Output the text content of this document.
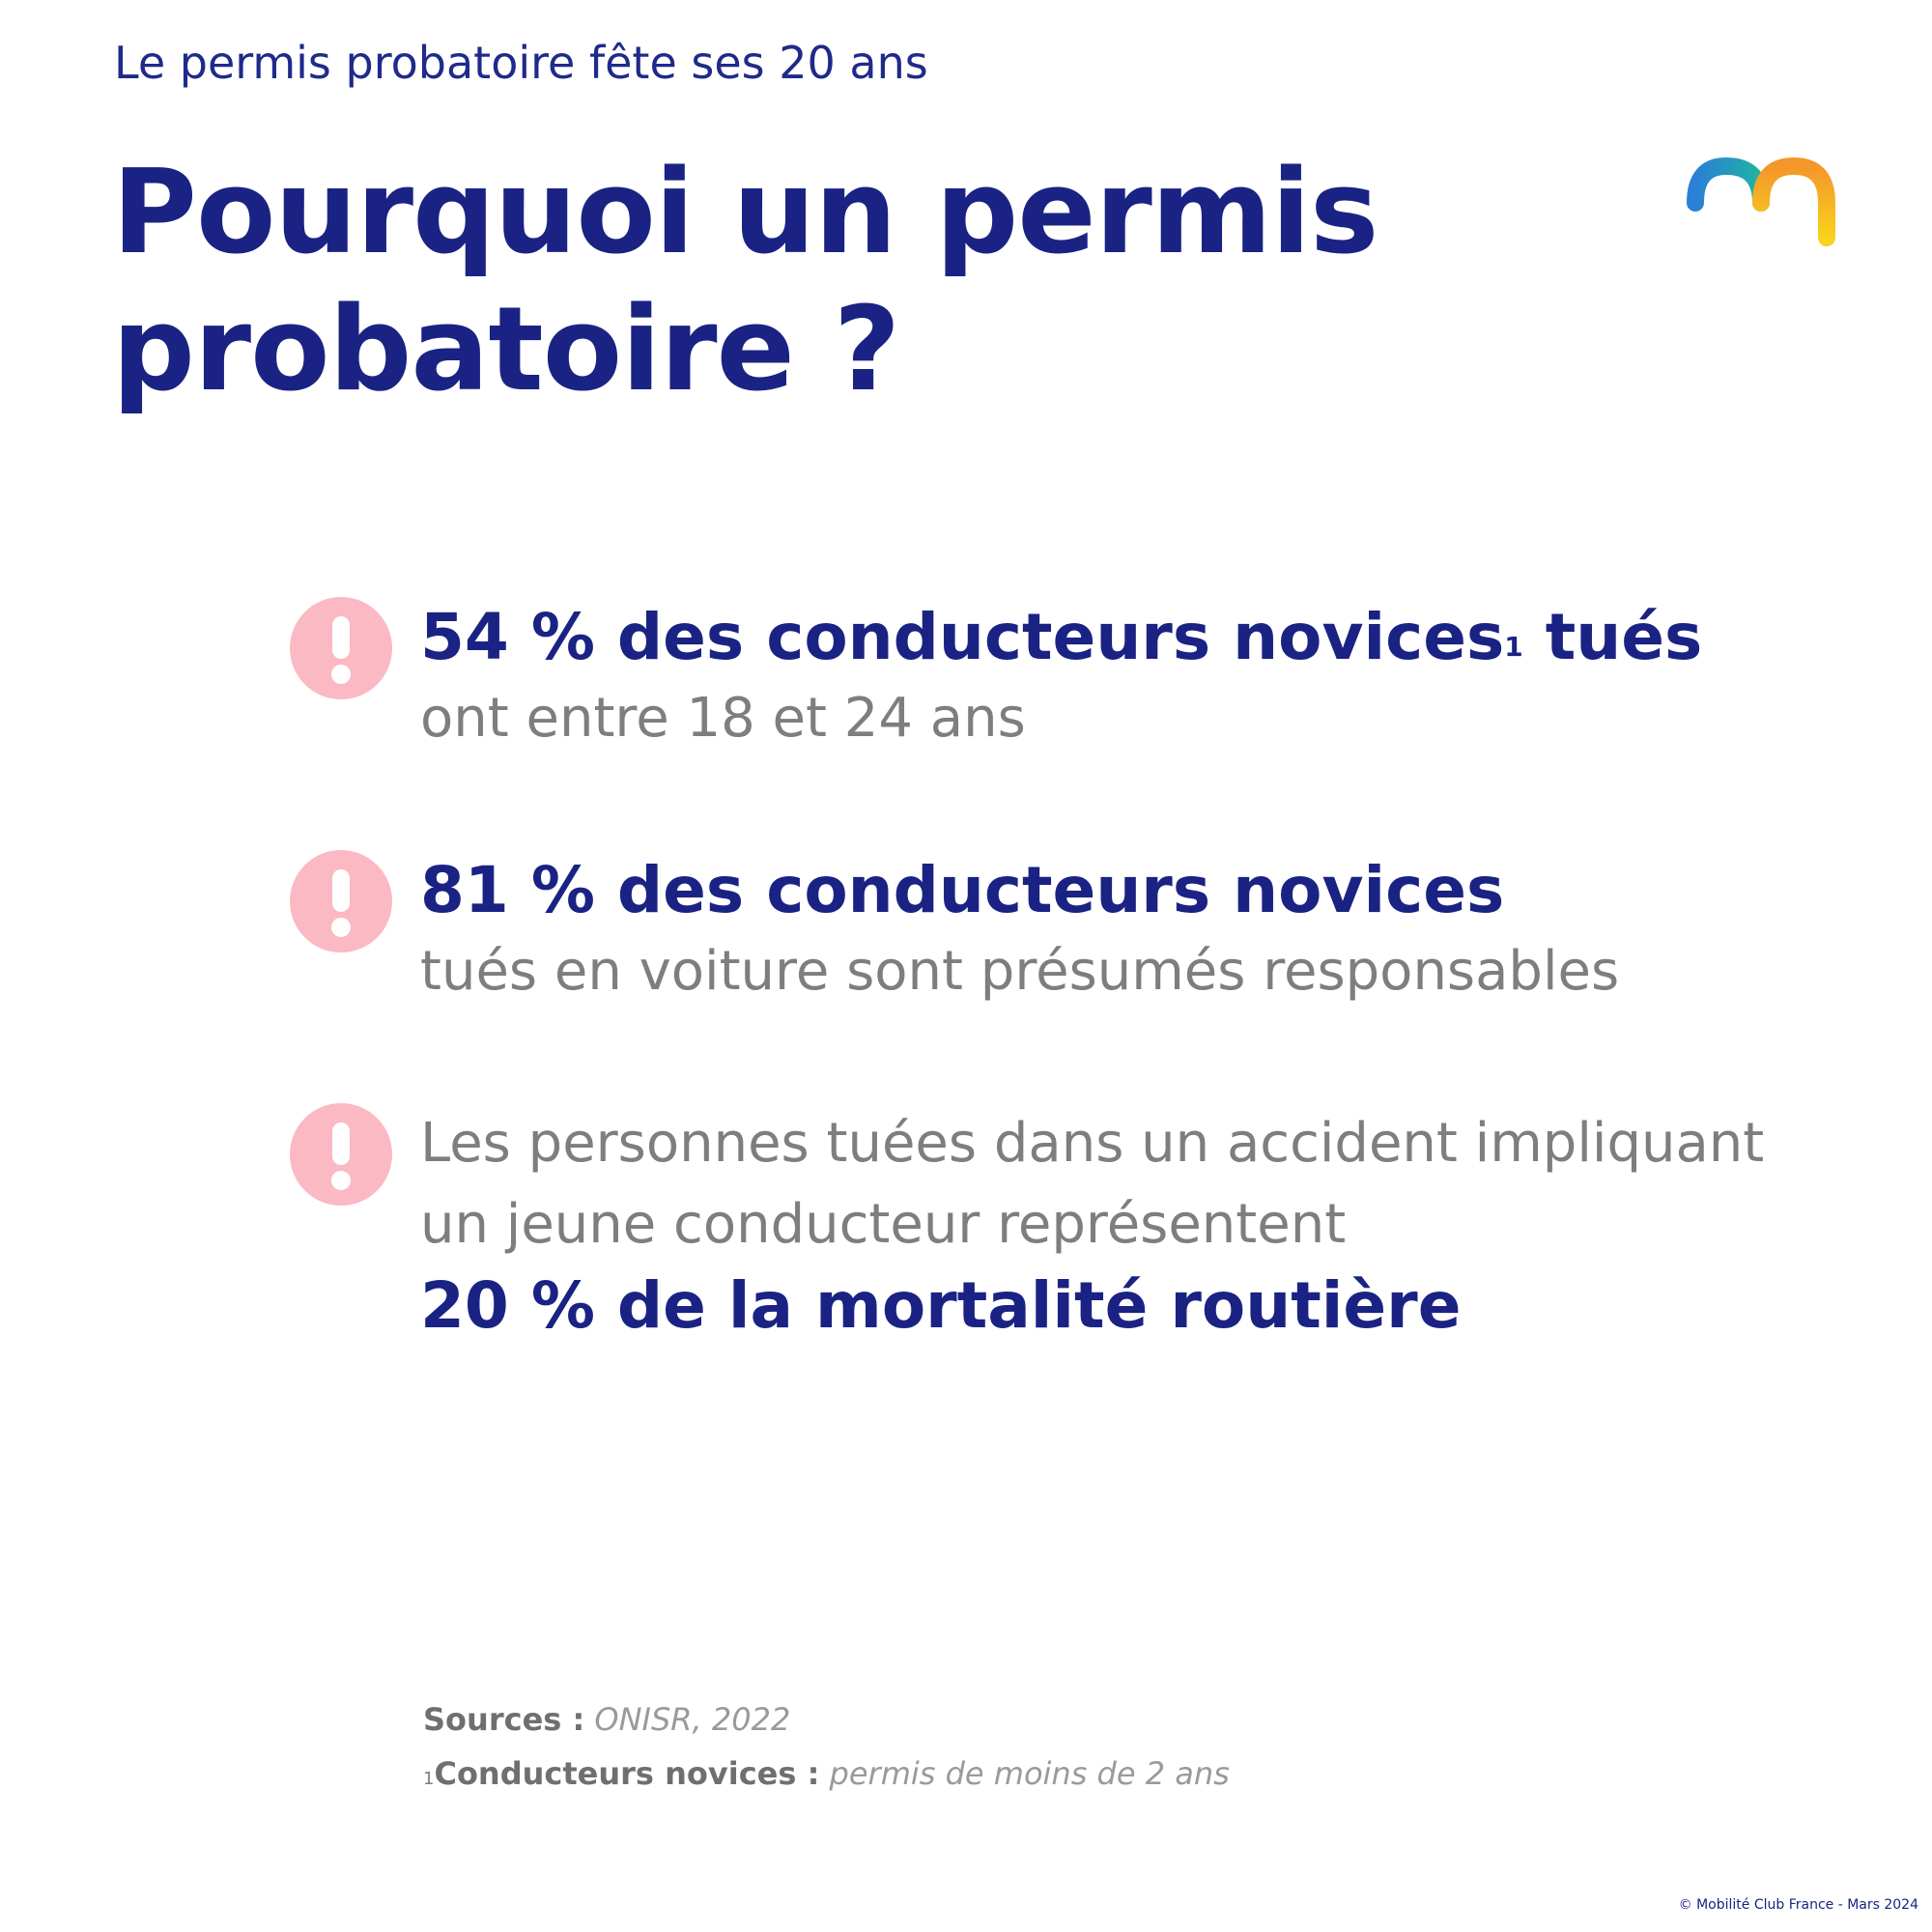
Le permis probatoire fête ses 20 ans
Pourquoi un permis
probatoire ?
54 % des conducteurs novices$^1$ tués
ont entre 18 et 24 ans
81 % des conducteurs novices
tués en voiture sont présumés responsables
Les personnes tuées dans un accident impliquant
un jeune conducteur représentent
20 % de la mortalité routière
Sources : ONISR, 2022
$^1$Conducteurs novices : permis de moins de 2 ans
© Mobilité Club France - Mars 2024
